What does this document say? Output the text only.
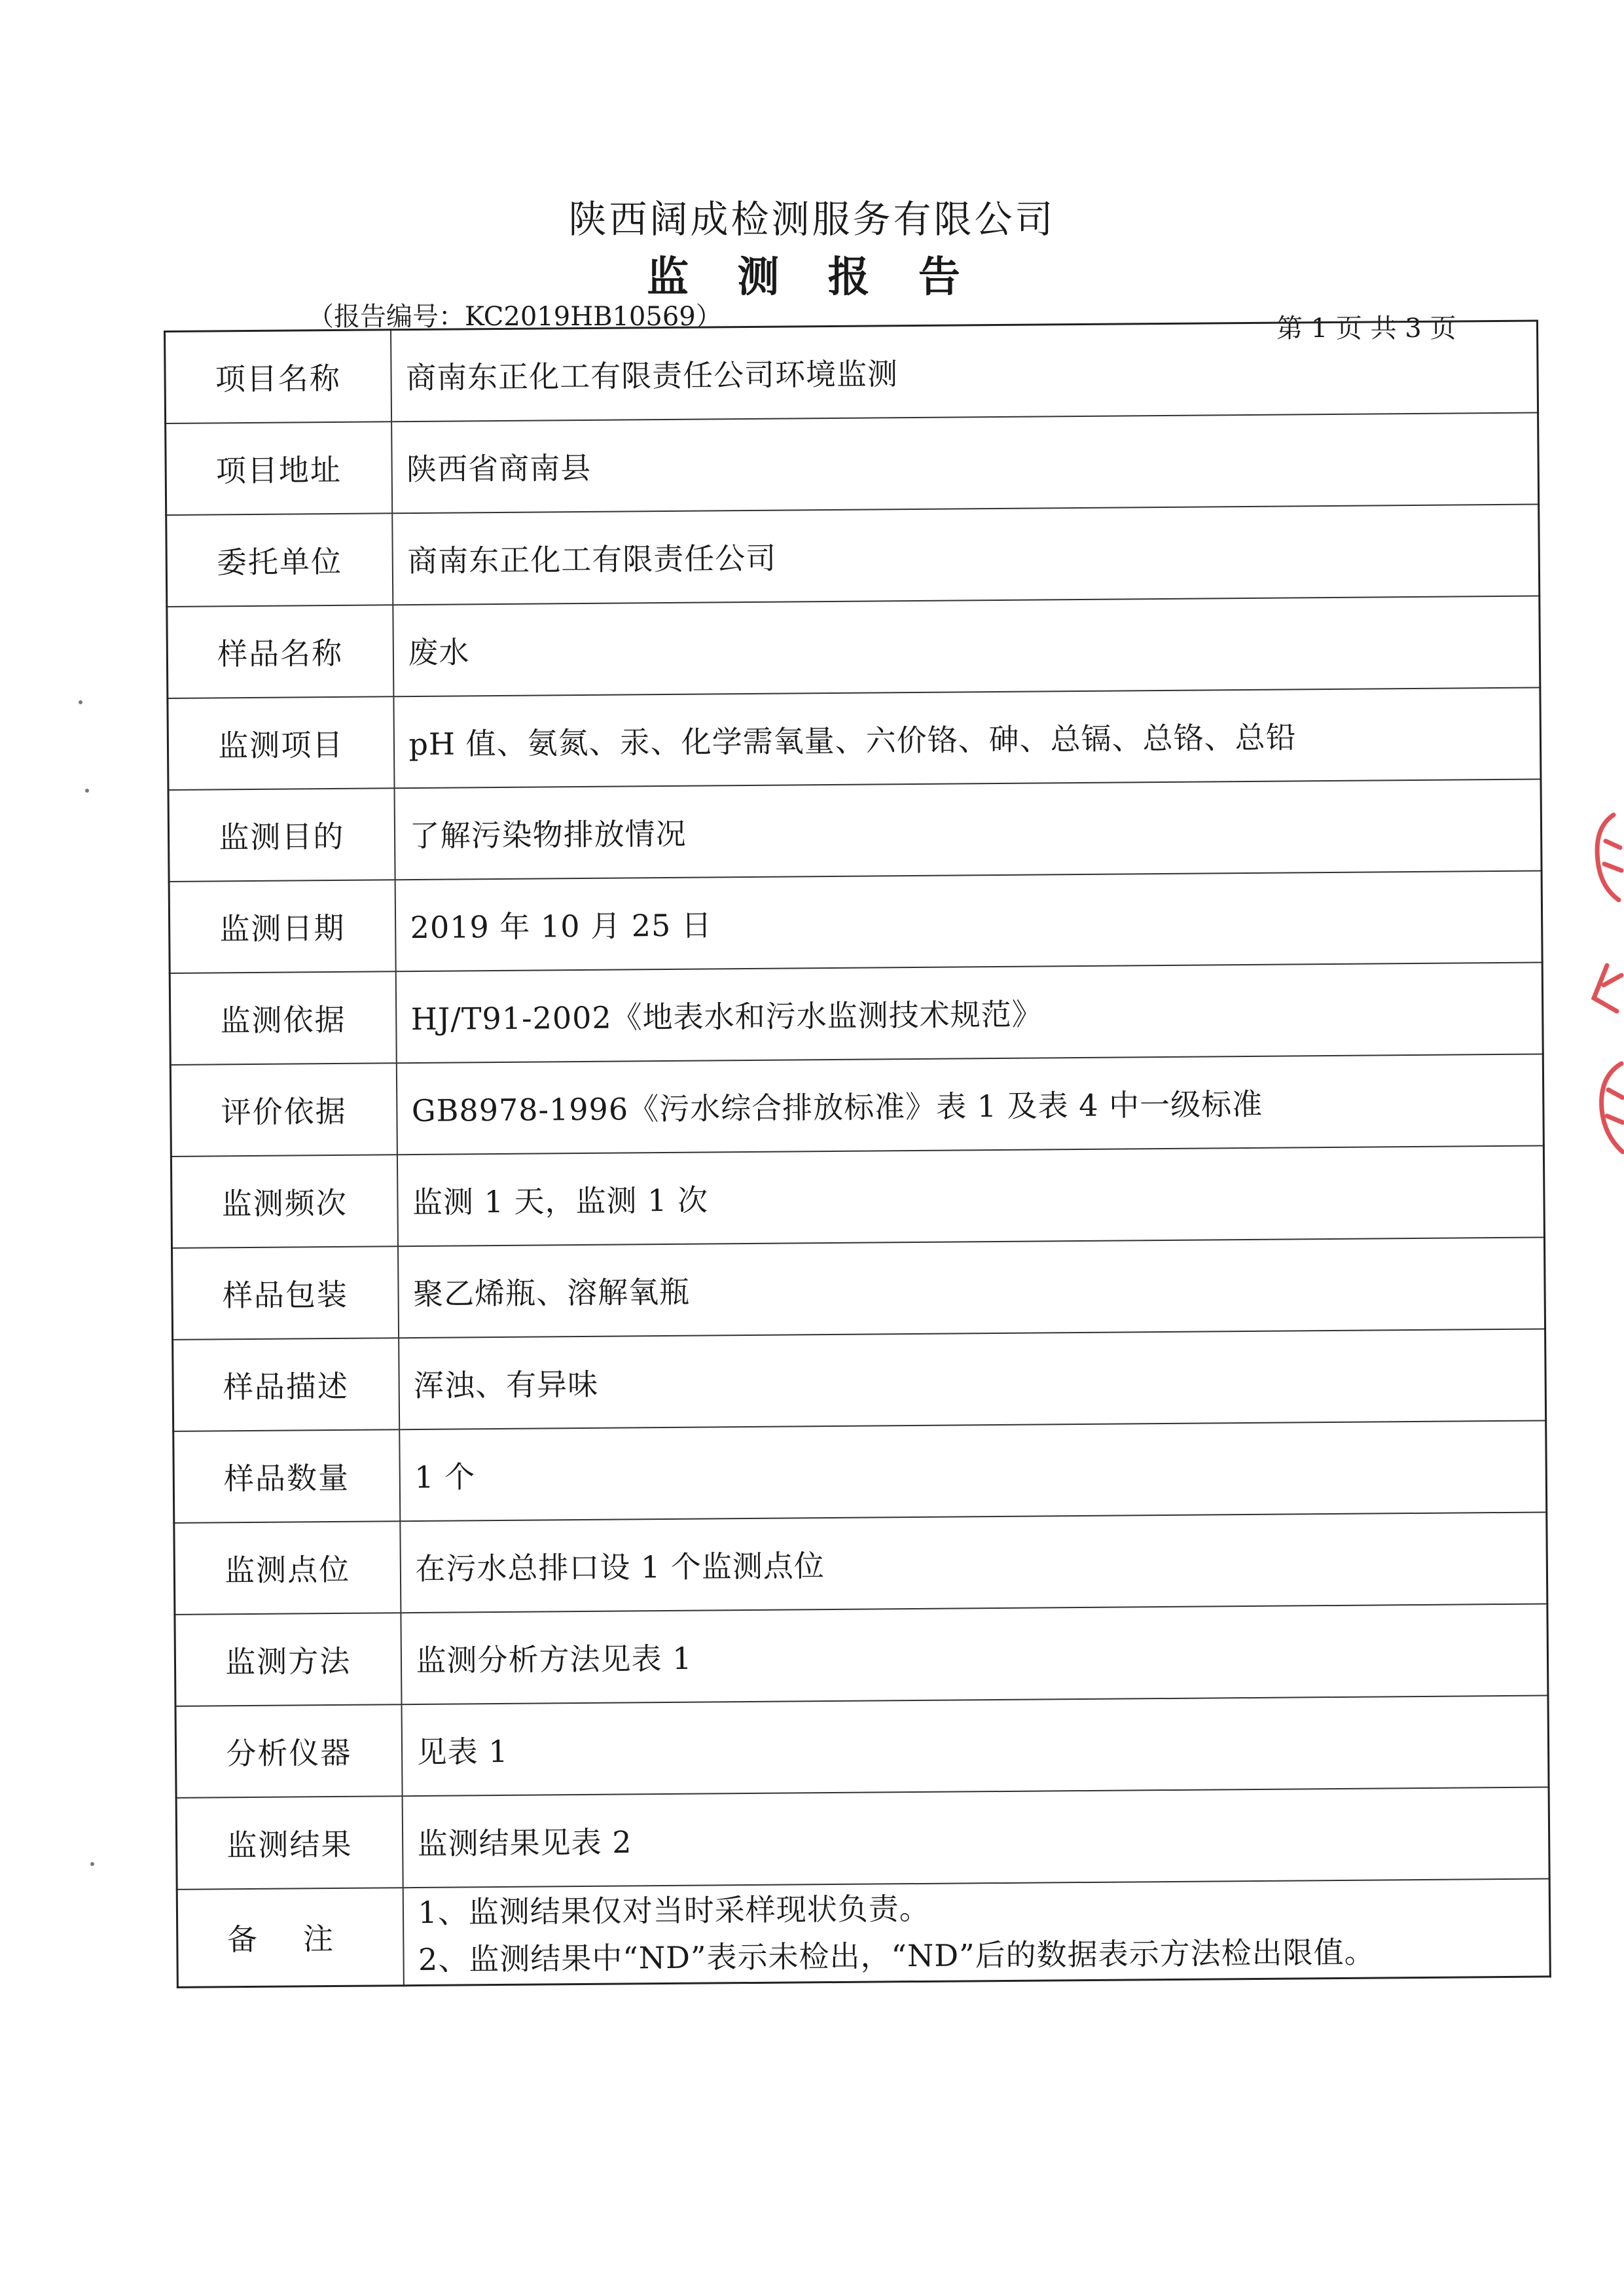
陕西阔成检测服务有限公司
监 测 报 告
（报告编号：KC2019HB10569）	第 1 页 共 3 页
项目名称	商南东正化工有限责任公司环境监测
项目地址	陕西省商南县
委托单位	商南东正化工有限责任公司
样品名称	废水
监测项目	pH 值、氨氮、汞、化学需氧量、六价铬、砷、总镉、总铬、总铅
监测目的	了解污染物排放情况
监测日期	2019 年 10 月 25 日
监测依据	HJ/T91-2002《地表水和污水监测技术规范》
评价依据	GB8978-1996《污水综合排放标准》表 1 及表 4 中一级标准
监测频次	监测 1 天，监测 1 次
样品包装	聚乙烯瓶、溶解氧瓶
样品描述	浑浊、有异味
样品数量	1 个
监测点位	在污水总排口设 1 个监测点位
监测方法	监测分析方法见表 1
分析仪器	见表 1
监测结果	监测结果见表 2
备注	1、监测结果仅对当时采样现状负责。
2、监测结果中“ND”表示未检出，“ND”后的数据表示方法检出限值。
